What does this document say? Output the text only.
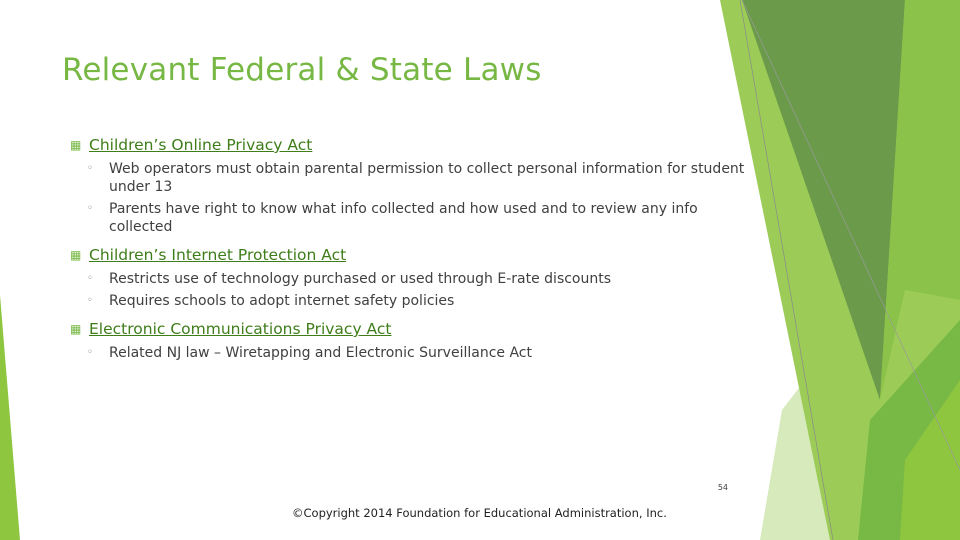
Relevant Federal & State Laws
▦ Children’s Online Privacy Act
◦ Web operators must obtain parental permission to collect personal information for student under 13
◦ Parents have right to know what info collected and how used and to review any info collected
▦ Children’s Internet Protection Act
◦ Restricts use of technology purchased or used through E-rate discounts
◦ Requires schools to adopt internet safety policies
▦ Electronic Communications Privacy Act
◦ Related NJ law – Wiretapping and Electronic Surveillance Act
54
©Copyright 2014 Foundation for Educational Administration, Inc.
